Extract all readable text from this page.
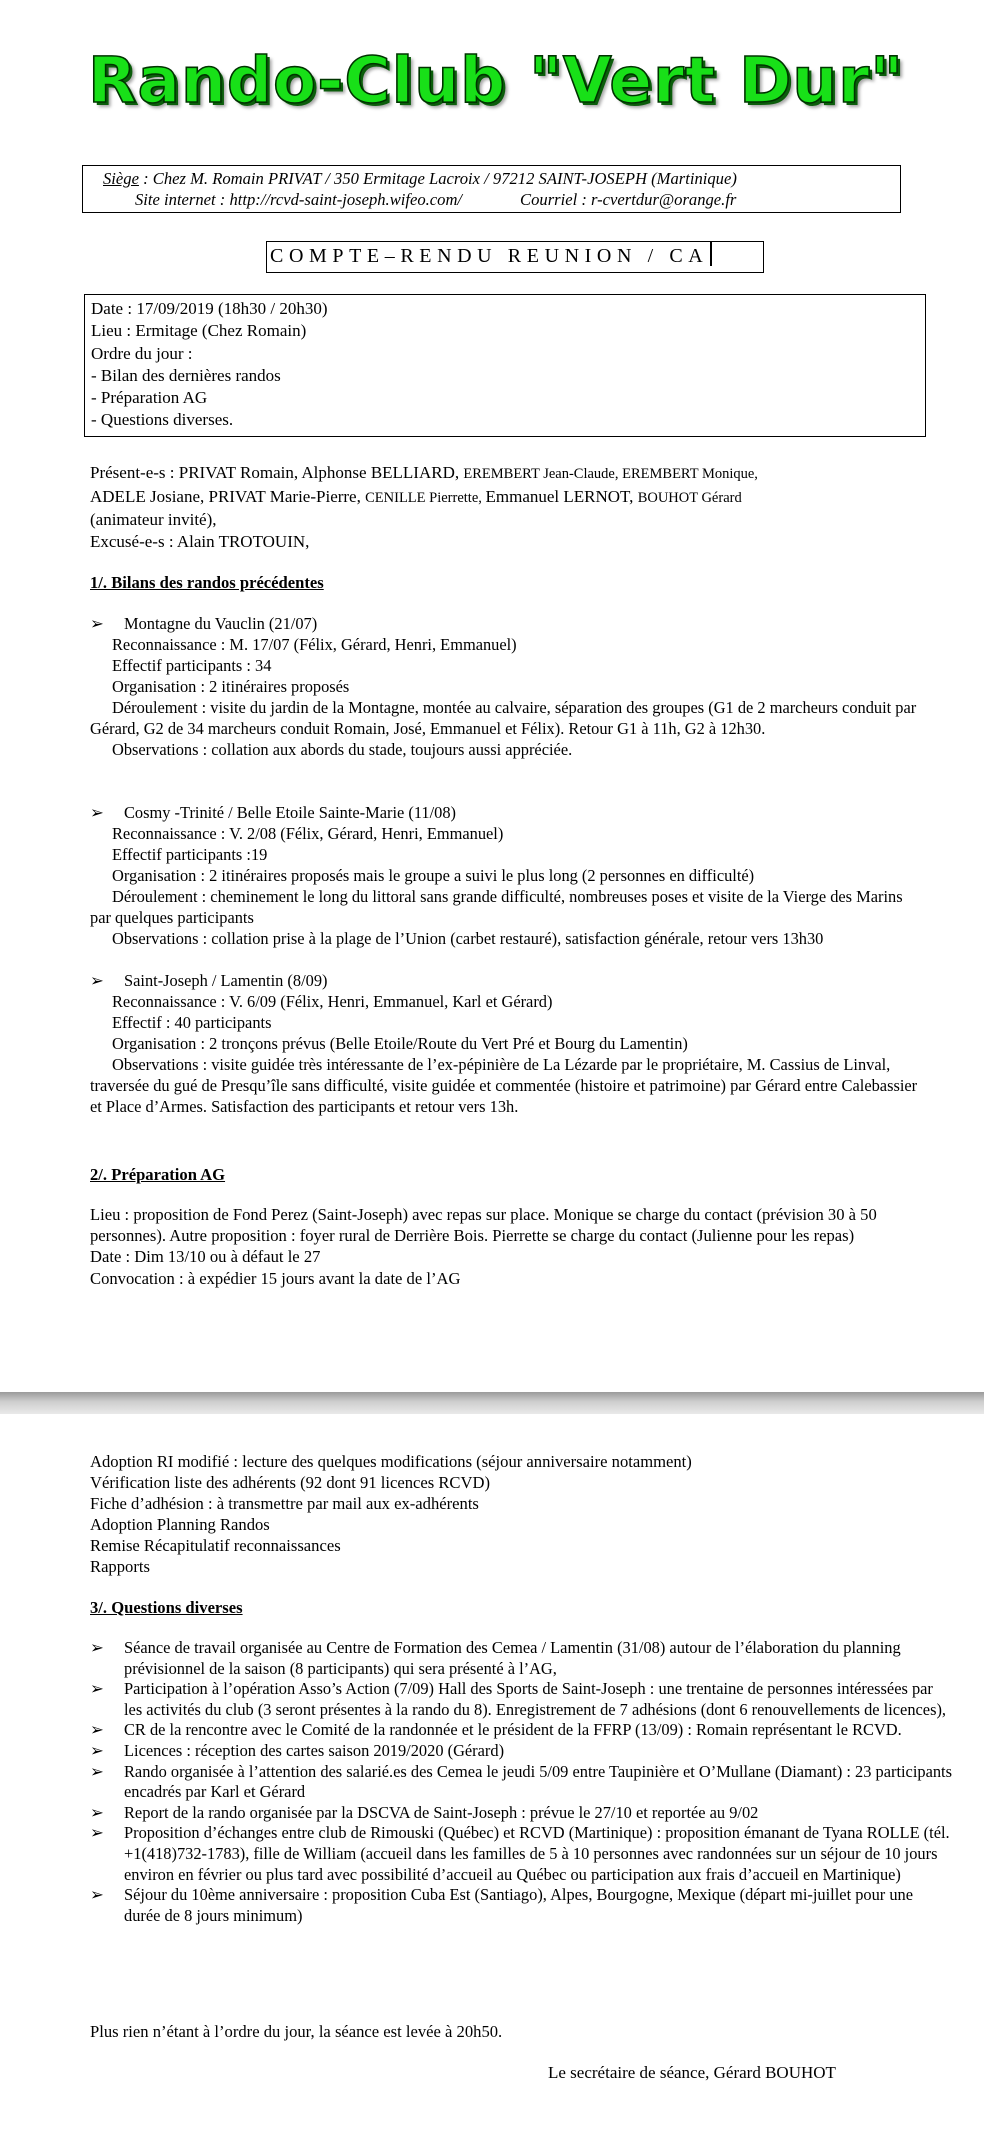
Rando-Club "Vert Dur"
Siège : Chez M. Romain PRIVAT / 350 Ermitage Lacroix / 97212 SAINT-JOSEPH (Martinique)
Site internet : http://rcvd-saint-joseph.wifeo.com/	Courriel : r-cvertdur@orange.fr
COMPTE–RENDU REUNION / CA
Date : 17/09/2019 (18h30 / 20h30)
Lieu : Ermitage (Chez Romain)
Ordre du jour :
- Bilan des dernières randos
- Préparation AG
- Questions diverses.
Présent-e-s : PRIVAT Romain, Alphonse BELLIARD, EREMBERT Jean-Claude, EREMBERT Monique,
ADELE Josiane, PRIVAT Marie-Pierre, CENILLE Pierrette, Emmanuel LERNOT, BOUHOT Gérard
(animateur invité),
Excusé-e-s : Alain TROTOUIN,
1/. Bilans des randos précédentes
➢ Montagne du Vauclin (21/07)
Reconnaissance : M. 17/07 (Félix, Gérard, Henri, Emmanuel)
Effectif participants : 34
Organisation : 2 itinéraires proposés
Déroulement : visite du jardin de la Montagne, montée au calvaire, séparation des groupes (G1 de 2 marcheurs conduit par Gérard, G2 de 34 marcheurs conduit Romain, José, Emmanuel et Félix). Retour G1 à 11h, G2 à 12h30.
Observations : collation aux abords du stade, toujours aussi appréciée.
➢ Cosmy -Trinité / Belle Etoile Sainte-Marie (11/08)
Reconnaissance : V. 2/08 (Félix, Gérard, Henri, Emmanuel)
Effectif participants :19
Organisation : 2 itinéraires proposés mais le groupe a suivi le plus long (2 personnes en difficulté)
Déroulement : cheminement le long du littoral sans grande difficulté, nombreuses poses et visite de la Vierge des Marins par quelques participants
Observations : collation prise à la plage de l’Union (carbet restauré), satisfaction générale, retour vers 13h30
➢ Saint-Joseph / Lamentin (8/09)
Reconnaissance : V. 6/09 (Félix, Henri, Emmanuel, Karl et Gérard)
Effectif : 40 participants
Organisation : 2 tronçons prévus (Belle Etoile/Route du Vert Pré et Bourg du Lamentin)
Observations : visite guidée très intéressante de l’ex-pépinière de La Lézarde par le propriétaire, M. Cassius de Linval, traversée du gué de Presqu’île sans difficulté, visite guidée et commentée (histoire et patrimoine) par Gérard entre Calebassier et Place d’Armes. Satisfaction des participants et retour vers 13h.
2/. Préparation AG

Lieu : proposition de Fond Perez (Saint-Joseph) avec repas sur place. Monique se charge du contact (prévision 30 à 50 personnes). Autre proposition : foyer rural de Derrière Bois. Pierrette se charge du contact (Julienne pour les repas)

Date : Dim 13/10 ou à défaut le 27

Convocation : à expédier 15 jours avant la date de l’AG

Adoption RI modifié : lecture des quelques modifications (séjour anniversaire notamment)
Vérification liste des adhérents (92 dont 91 licences RCVD)
Fiche d’adhésion : à transmettre par mail aux ex-adhérents
Adoption Planning Randos
Remise Récapitulatif reconnaissances
Rapports
3/. Questions diverses
➢ Séance de travail organisée au Centre de Formation des Cemea / Lamentin (31/08) autour de l’élaboration du planning prévisionnel de la saison (8 participants) qui sera présenté à l’AG,
➢ Participation à l’opération Asso’s Action (7/09) Hall des Sports de Saint-Joseph : une trentaine de personnes intéressées par les activités du club (3 seront présentes à la rando du 8). Enregistrement de 7 adhésions (dont 6 renouvellements de licences),
➢ CR de la rencontre avec le Comité de la randonnée et le président de la FFRP (13/09) : Romain représentant le RCVD.
➢ Licences : réception des cartes saison 2019/2020 (Gérard)
➢ Rando organisée à l’attention des salarié.es des Cemea le jeudi 5/09 entre Taupinière et O’Mullane (Diamant) : 23 participants encadrés par Karl et Gérard
➢ Report de la rando organisée par la DSCVA de Saint-Joseph : prévue le 27/10 et reportée au 9/02
➢ Proposition d’échanges entre club de Rimouski (Québec) et RCVD (Martinique) : proposition émanant de Tyana ROLLE (tél. +1(418)732-1783), fille de William (accueil dans les familles de 5 à 10 personnes avec randonnées sur un séjour de 10 jours environ en février ou plus tard avec possibilité d’accueil au Québec ou participation aux frais d’accueil en Martinique)
➢ Séjour du 10ème anniversaire : proposition Cuba Est (Santiago), Alpes, Bourgogne, Mexique (départ mi-juillet pour une durée de 8 jours minimum)
Plus rien n’étant à l’ordre du jour, la séance est levée à 20h50.
Le secrétaire de séance, Gérard BOUHOT
